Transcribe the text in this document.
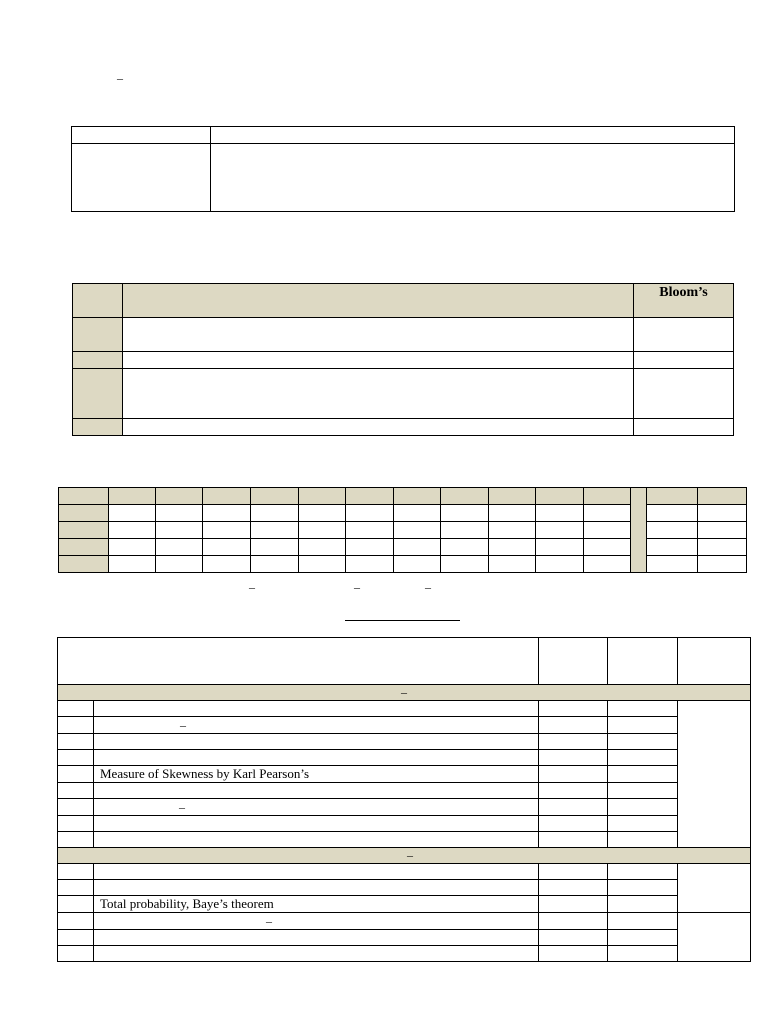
–

		Bloom’s

–	–	–

–				

	–			

	Measure of Skewness by Karl Pearson’s			

	–			

–				

	Total probability, Baye’s theorem			
	–			
